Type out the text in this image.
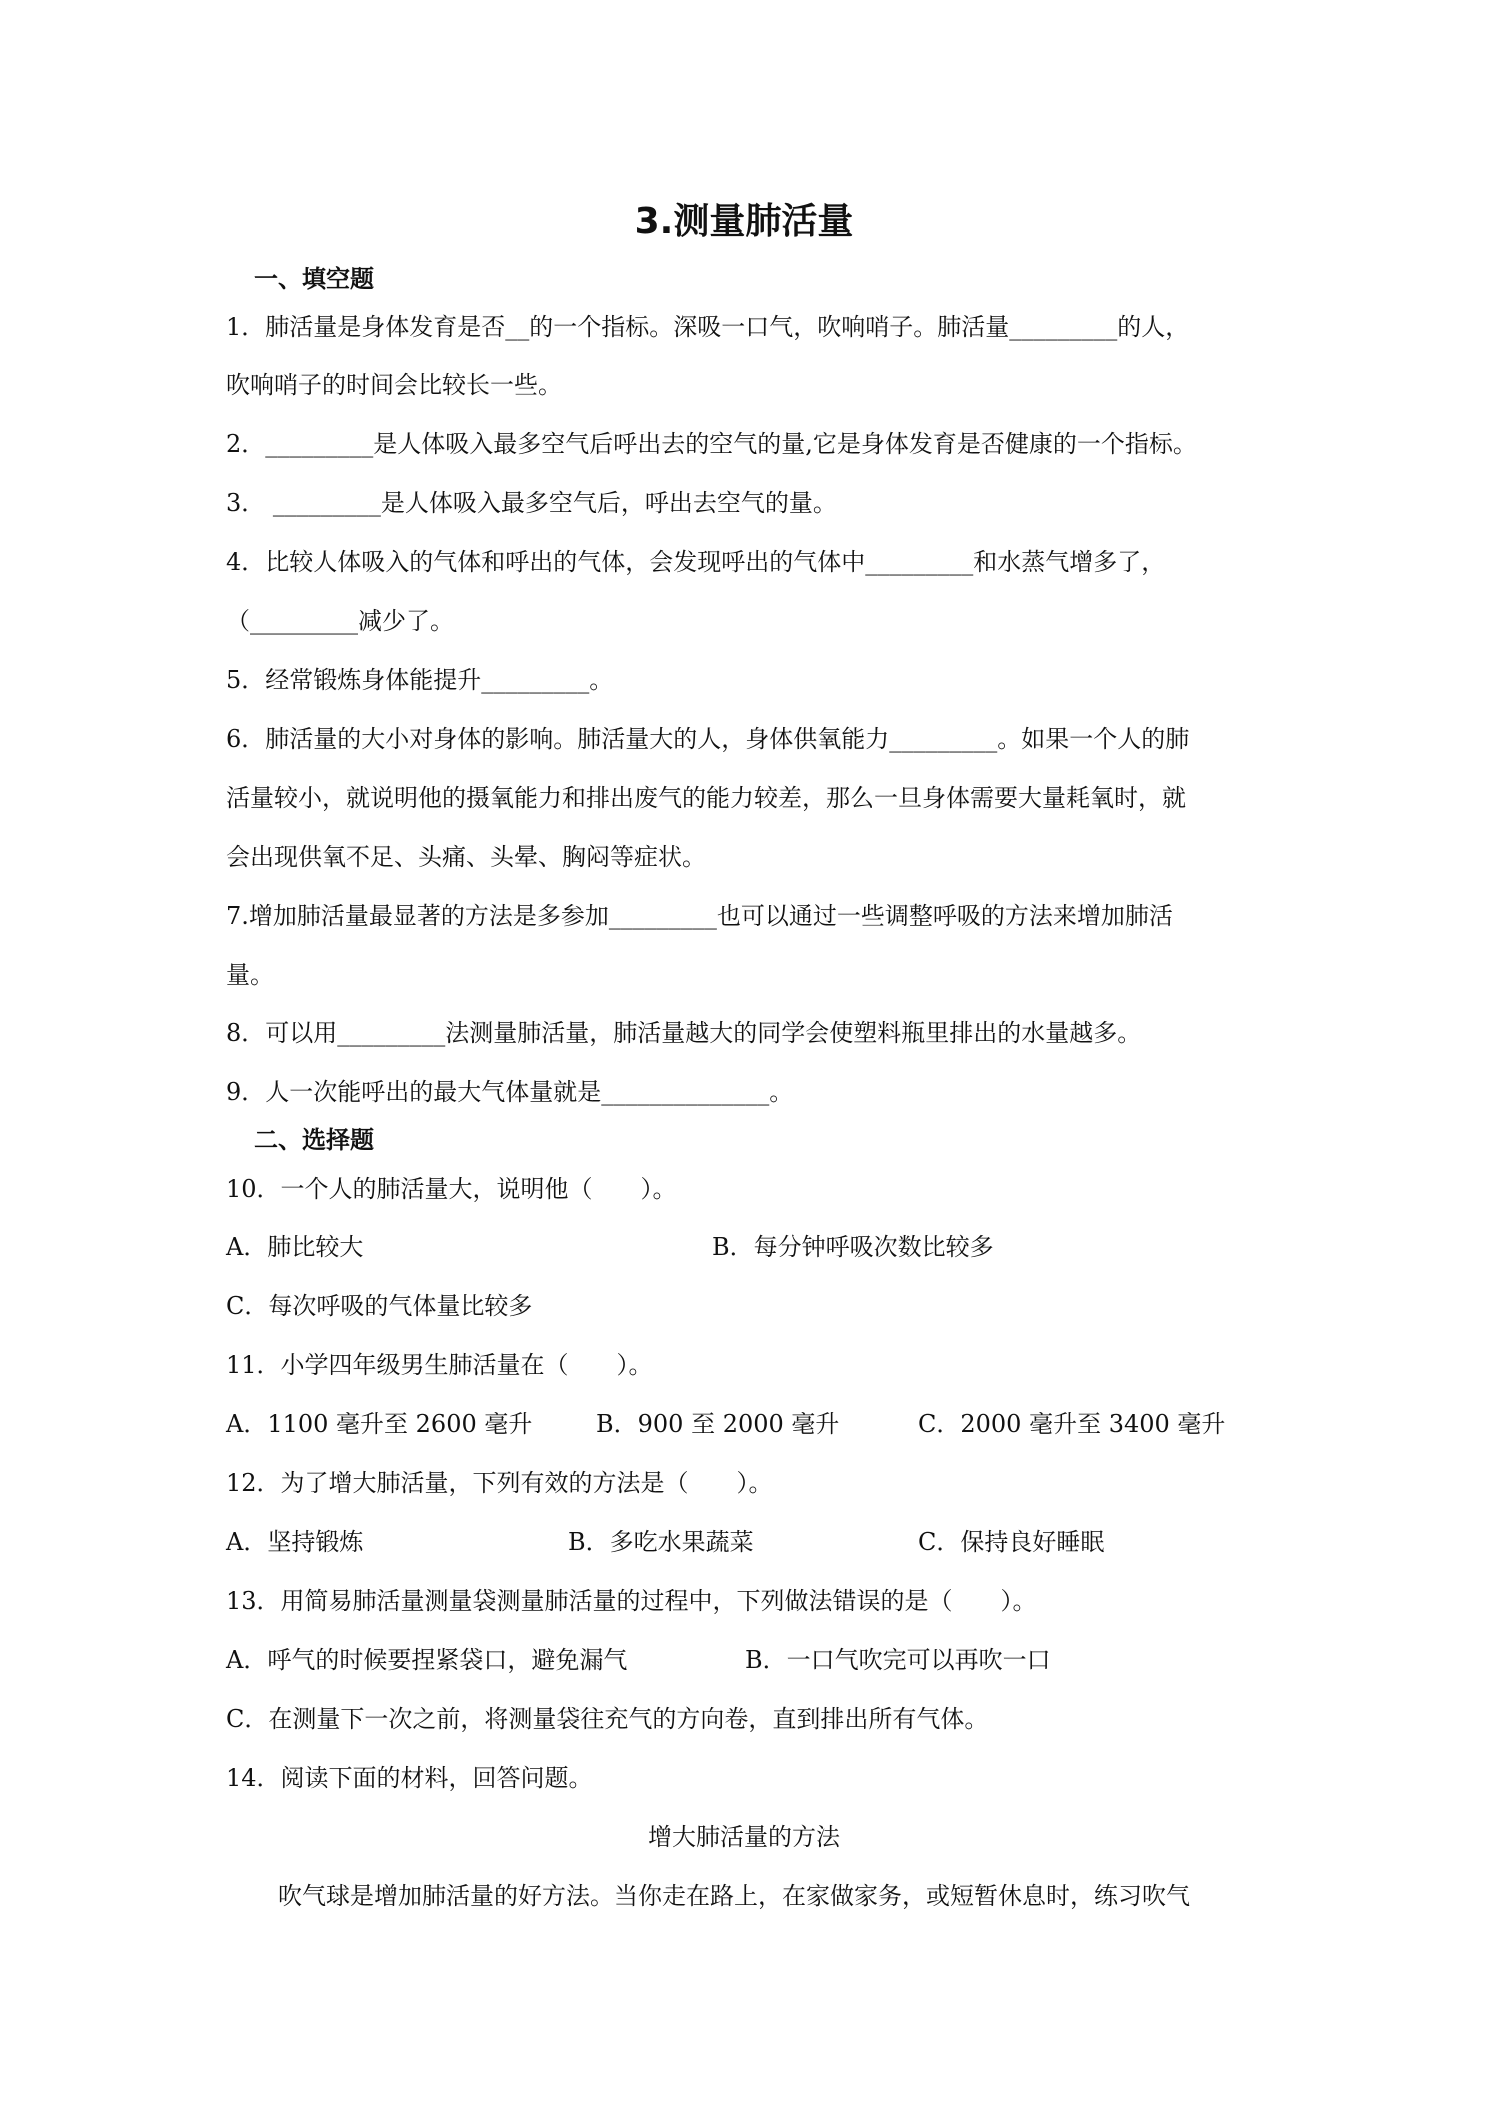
3.测量肺活量
一、填空题
1．肺活量是身体发育是否__的一个指标。深吸一口气，吹响哨子。肺活量_________的人，
吹响哨子的时间会比较长一些。
2．_________是人体吸入最多空气后呼出去的空气的量,它是身体发育是否健康的一个指标。
3． _________是人体吸入最多空气后，呼出去空气的量。
4．比较人体吸入的气体和呼出的气体，会发现呼出的气体中_________和水蒸气增多了，
（_________减少了。
5．经常锻炼身体能提升_________。
6．肺活量的大小对身体的影响。肺活量大的人，身体供氧能力_________。如果一个人的肺
活量较小，就说明他的摄氧能力和排出废气的能力较差，那么一旦身体需要大量耗氧时，就
会出现供氧不足、头痛、头晕、胸闷等症状。
7.增加肺活量最显著的方法是多参加_________也可以通过一些调整呼吸的方法来增加肺活
量。
8．可以用_________法测量肺活量，肺活量越大的同学会使塑料瓶里排出的水量越多。
9．人一次能呼出的最大气体量就是______________。
二、选择题
10．一个人的肺活量大，说明他（　　）。
A．肺比较大	B．每分钟呼吸次数比较多
C．每次呼吸的气体量比较多
11．小学四年级男生肺活量在（　　）。
A．1100 毫升至 2600 毫升	B．900 至 2000 毫升	C．2000 毫升至 3400 毫升
12．为了增大肺活量，下列有效的方法是（　　）。
A．坚持锻炼	B．多吃水果蔬菜	C．保持良好睡眠
13．用简易肺活量测量袋测量肺活量的过程中，下列做法错误的是（　　）。
A．呼气的时候要捏紧袋口，避免漏气	B．一口气吹完可以再吹一口
C．在测量下一次之前，将测量袋往充气的方向卷，直到排出所有气体。
14．阅读下面的材料，回答问题。
增大肺活量的方法
吹气球是增加肺活量的好方法。当你走在路上，在家做家务，或短暂休息时，练习吹气
